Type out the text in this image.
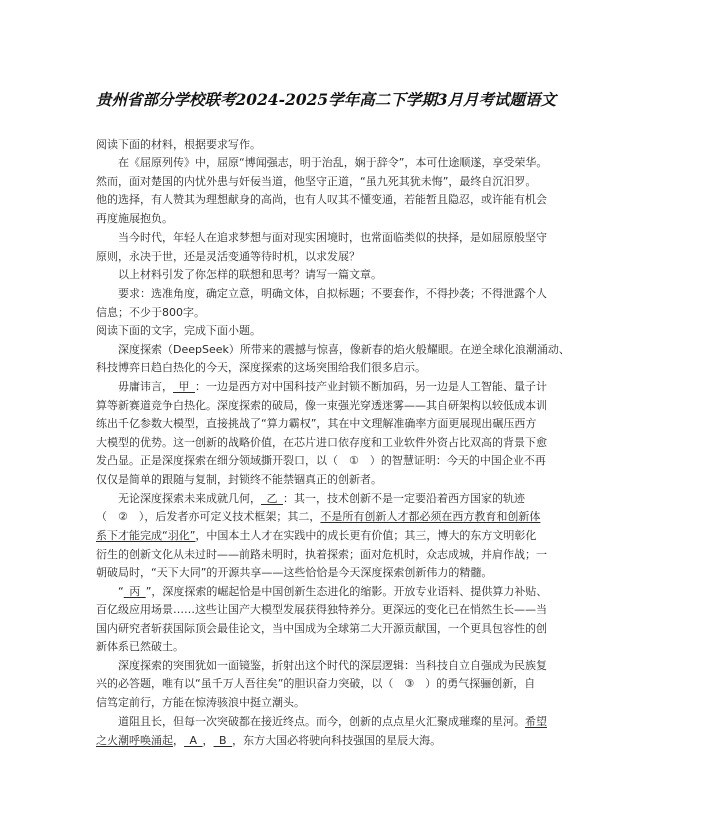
贵州省部分学校联考2024-2025学年高二下学期3月月考试题语文
阅读下面的材料，根据要求写作。
在《屈原列传》中，屈原“博闻强志，明于治乱，娴于辞令”，本可仕途顺遂，享受荣华。
然而，面对楚国的内忧外患与奸佞当道，他坚守正道，“虽九死其犹未悔”，最终自沉汨罗。
他的选择，有人赞其为理想献身的高尚，也有人叹其不懂变通，若能暂且隐忍，或许能有机会
再度施展抱负。
当今时代，年轻人在追求梦想与面对现实困境时，也常面临类似的抉择，是如屈原般坚守
原则，永决于世，还是灵活变通等待时机，以求发展？
以上材料引发了你怎样的联想和思考？请写一篇文章。
要求：选准角度，确定立意，明确文体，自拟标题；不要套作，不得抄袭；不得泄露个人
信息；不少于800字。
阅读下面的文字，完成下面小题。
深度探索（DeepSeek）所带来的震撼与惊喜，像新春的焰火般耀眼。在逆全球化浪潮涌动、
科技博弈日趋白热化的今天，深度探索的这场突围给我们很多启示。
毋庸讳言， 甲 ：一边是西方对中国科技产业封锁不断加码，另一边是人工智能、量子计
算等新赛道竞争白热化。深度探索的破局，像一束强光穿透迷雾——其自研架构以较低成本训
练出千亿参数大模型，直接挑战了“算力霸权”，其在中文理解准确率方面更展现出碾压西方
大模型的优势。这一创新的战略价值，在芯片进口依存度和工业软件外资占比双高的背景下愈
发凸显。正是深度探索在细分领域撕开裂口，以（　①　）的智慧证明：今天的中国企业不再
仅仅是简单的跟随与复制，封锁终不能禁锢真正的创新者。
无论深度探索未来成就几何， 乙 ：其一，技术创新不是一定要沿着西方国家的轨迹
（　②　），后发者亦可定义技术框架；其二，不是所有创新人才都必须在西方教育和创新体
系下才能完成“羽化”，中国本土人才在实践中的成长更有价值；其三，博大的东方文明彰化
衍生的创新文化从未过时——前路未明时，执着探索；面对危机时，众志成城，并肩作战；一
朝破局时，“天下大同”的开源共享——这些恰恰是今天深度探索创新伟力的精髓。
“ 丙 ”，深度探索的崛起恰是中国创新生态进化的缩影。开放专业语料、提供算力补贴、
百亿级应用场景……这些让国产大模型发展获得独特养分。更深远的变化已在悄然生长——当
国内研究者斩获国际顶会最佳论文，当中国成为全球第二大开源贡献国，一个更具包容性的创
新体系已然破土。
深度探索的突围犹如一面镜鉴，折射出这个时代的深层逻辑：当科技自立自强成为民族复
兴的必答题，唯有以“虽千万人吾往矣”的胆识奋力突破，以（　③　）的勇气探骊创新，自
信笃定前行，方能在惊涛骇浪中挺立潮头。
道阻且长，但每一次突破都在接近终点。而今，创新的点点星火汇聚成璀璨的星河。希望
之火潮呼唤涌起， A ， B ，东方大国必将驶向科技强国的星辰大海。
